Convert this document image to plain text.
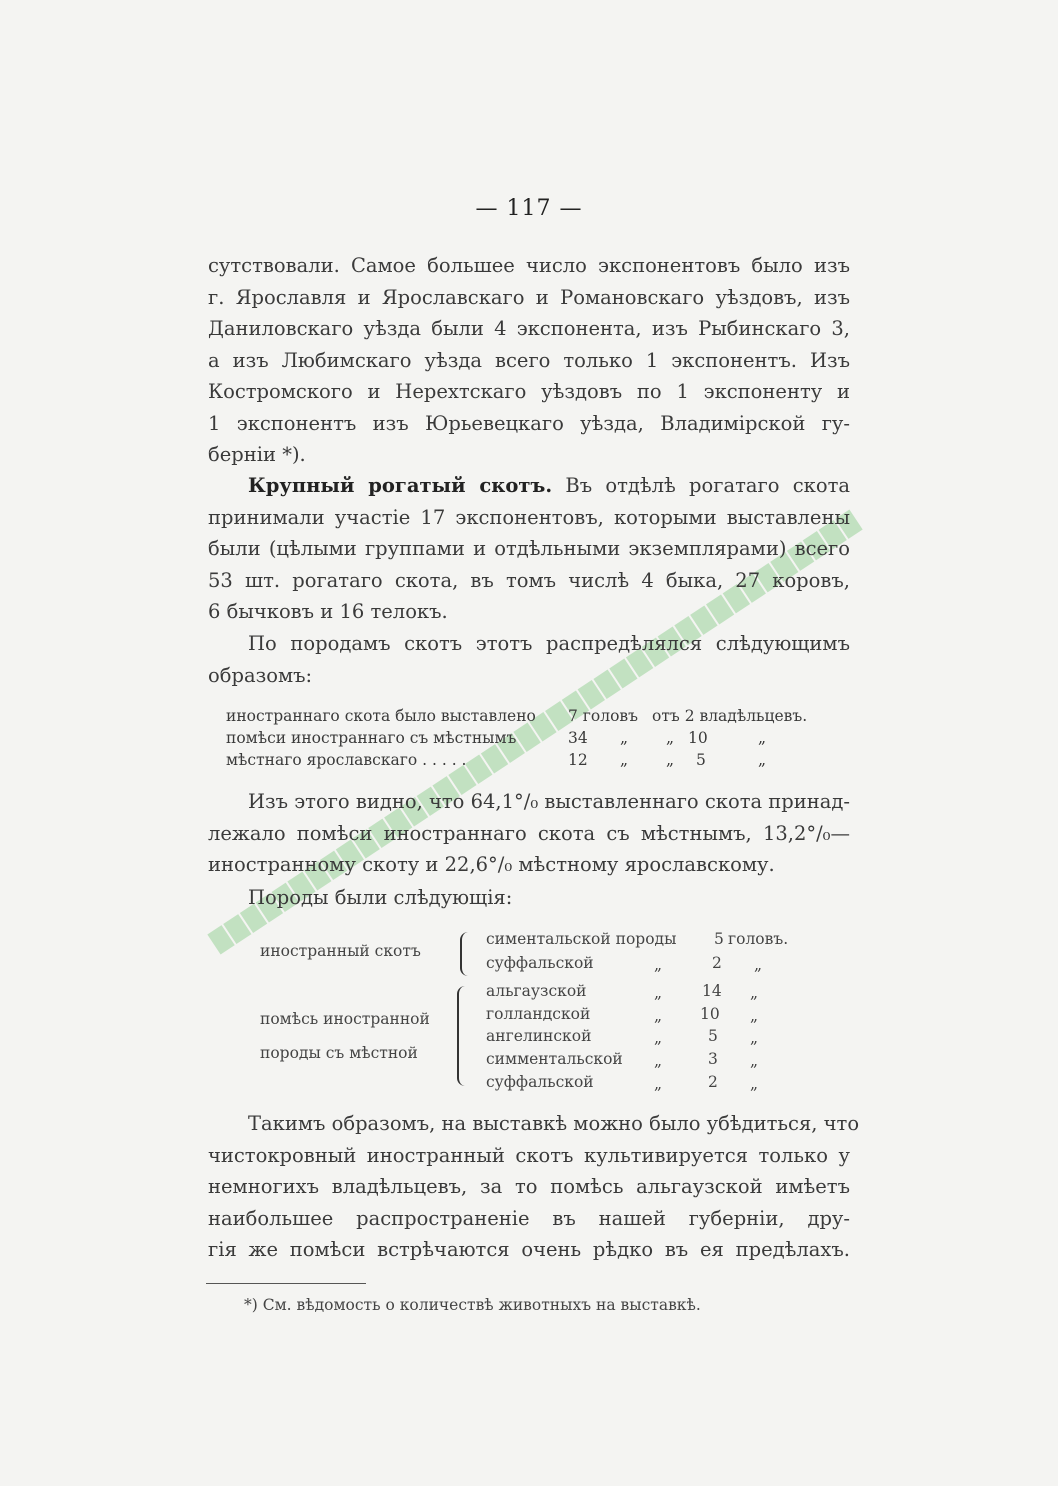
— 117 —
сутствовали. Самое большее число экспонентовъ было изъ
г. Ярославля и Ярославскаго и Романовскаго уѣздовъ, изъ
Даниловскаго уѣзда были 4 экспонента, изъ Рыбинскаго 3,
а изъ Любимскаго уѣзда всего только 1 экспонентъ. Изъ
Костромского и Нерехтскаго уѣздовъ по 1 экспоненту и
1 экспонентъ изъ Юрьевецкаго уѣзда, Владимірской гу-
берніи *).
Крупный рогатый скотъ. Въ отдѣлѣ рогатаго скота
принимали участіе 17 экспонентовъ, которыми выставлены
были (цѣлыми группами и отдѣльными экземплярами) всего
53 шт. рогатаго скота, въ томъ числѣ 4 быка, 27 коровъ,
6 бычковъ и 16 телокъ.
По породамъ скотъ этотъ распредѣлялся слѣдующимъ
образомъ:
иностраннаго скота было выставлено 7 головъ отъ 2 владѣльцевъ.
помѣси иностраннаго съ мѣстнымъ	34 „ „ 10	„
мѣстнаго ярославскаго . . . . .	12 „ „ 5	„
Изъ этого видно, что 64,1°/₀ выставленнаго скота принад-
лежало помѣси иностраннаго скота съ мѣстнымъ, 13,2°/₀—
иностранному скоту и 22,6°/₀ мѣстному ярославскому.
Породы были слѣдующія:
иностранный скотъ
симентальской породы 5 головъ.
суффальской	„	2 „
помѣсь иностранной
породы съ мѣстной
альгаузской	„	14 „
голландской	„ 10 „
ангелинской	„	5 „
симментальской „	3 „
суффальской	„	2 „
Такимъ образомъ, на выставкѣ можно было убѣдиться, что
чистокровный иностранный скотъ культивируется только у
немногихъ владѣльцевъ, за то помѣсь альгаузской имѣетъ
наибольшее распространеніе въ нашей губерніи, дру-
гія же помѣси встрѣчаются очень рѣдко въ ея предѣлахъ.
*) См. вѣдомость о количествѣ животныхъ на выставкѣ.
